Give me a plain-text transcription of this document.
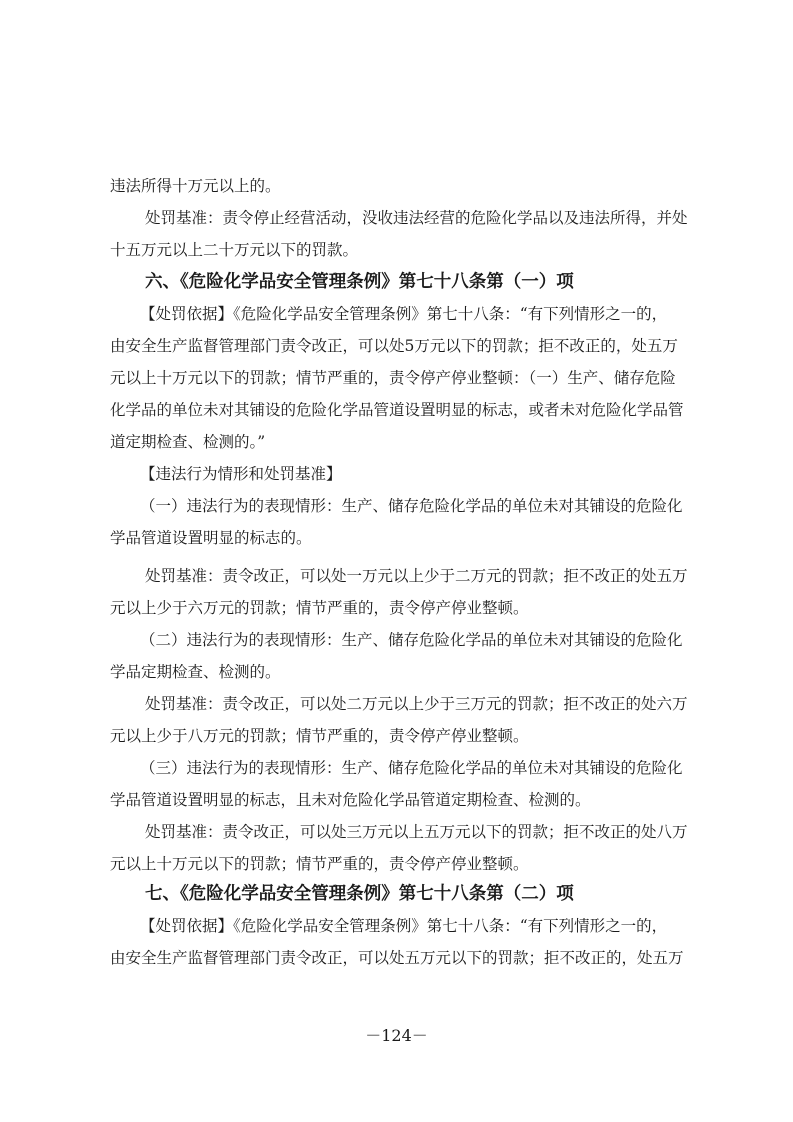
违法所得十万元以上的。
处罚基准：责令停止经营活动，没收违法经营的危险化学品以及违法所得，并处
十五万元以上二十万元以下的罚款。
六、《危险化学品安全管理条例》第七十八条第（一）项
【处罚依据】《危险化学品安全管理条例》第七十八条：“有下列情形之一的，
由安全生产监督管理部门责令改正，可以处5万元以下的罚款；拒不改正的，处五万
元以上十万元以下的罚款；情节严重的，责令停产停业整顿：（一）生产、储存危险
化学品的单位未对其铺设的危险化学品管道设置明显的标志，或者未对危险化学品管
道定期检查、检测的。”
【违法行为情形和处罚基准】
（一）违法行为的表现情形：生产、储存危险化学品的单位未对其铺设的危险化
学品管道设置明显的标志的。
处罚基准：责令改正，可以处一万元以上少于二万元的罚款；拒不改正的处五万
元以上少于六万元的罚款；情节严重的，责令停产停业整顿。
（二）违法行为的表现情形：生产、储存危险化学品的单位未对其铺设的危险化
学品定期检查、检测的。
处罚基准：责令改正，可以处二万元以上少于三万元的罚款；拒不改正的处六万
元以上少于八万元的罚款；情节严重的，责令停产停业整顿。
（三）违法行为的表现情形：生产、储存危险化学品的单位未对其铺设的危险化
学品管道设置明显的标志，且未对危险化学品管道定期检查、检测的。
处罚基准：责令改正，可以处三万元以上五万元以下的罚款；拒不改正的处八万
元以上十万元以下的罚款；情节严重的，责令停产停业整顿。
七、《危险化学品安全管理条例》第七十八条第（二）项
【处罚依据】《危险化学品安全管理条例》第七十八条：“有下列情形之一的，
由安全生产监督管理部门责令改正，可以处五万元以下的罚款；拒不改正的，处五万
－124－
